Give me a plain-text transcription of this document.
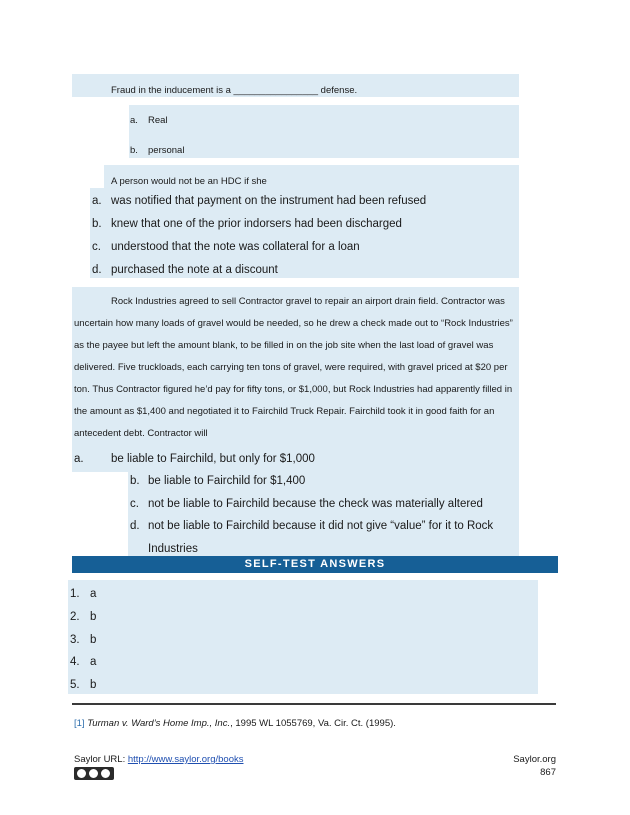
Fraud in the inducement is a ________________ defense.
a. Real
b. personal
A person would not be an HDC if she
a. was notified that payment on the instrument had been refused
b. knew that one of the prior indorsers had been discharged
c. understood that the note was collateral for a loan
d. purchased the note at a discount
Rock Industries agreed to sell Contractor gravel to repair an airport drain field. Contractor was
uncertain how many loads of gravel would be needed, so he drew a check made out to “Rock Industries”
as the payee but left the amount blank, to be filled in on the job site when the last load of gravel was
delivered. Five truckloads, each carrying ten tons of gravel, were required, with gravel priced at $20 per
ton. Thus Contractor figured he’d pay for fifty tons, or $1,000, but Rock Industries had apparently filled in
the amount as $1,400 and negotiated it to Fairchild Truck Repair. Fairchild took it in good faith for an
antecedent debt. Contractor will
a. be liable to Fairchild, but only for $1,000
b. be liable to Fairchild for $1,400
c. not be liable to Fairchild because the check was materially altered
d. not be liable to Fairchild because it did not give “value” for it to Rock
Industries
SELF-TEST ANSWERS
1. a
2. b
3. b
4. a
5. b
[1] Turman v. Ward’s Home Imp., Inc., 1995 WL 1055769, Va. Cir. Ct. (1995).
Saylor URL: http://www.saylor.org/books	Saylor.org
867
